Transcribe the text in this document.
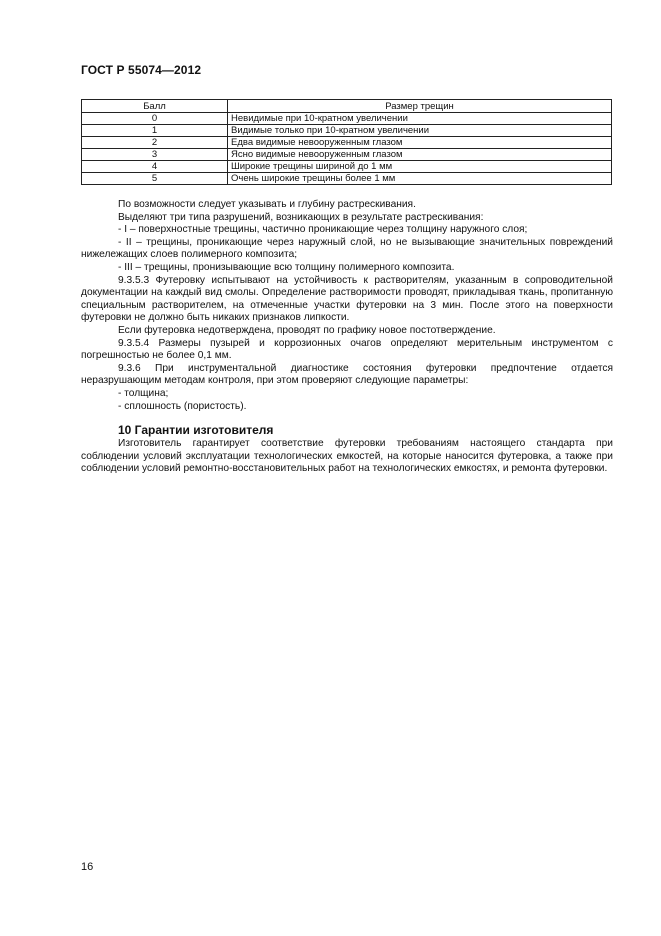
ГОСТ Р 55074—2012
Балл	Размер трещин
0	Невидимые при 10-кратном увеличении
1	Видимые только при 10-кратном увеличении
2	Едва видимые невооруженным глазом
3	Ясно видимые невооруженным глазом
4	Широкие трещины шириной до 1 мм
5	Очень широкие трещины более 1 мм

По возможности следует указывать и глубину растрескивания.

Выделяют три типа разрушений, возникающих в результате растрескивания:

- I – поверхностные трещины, частично проникающие через толщину наружного слоя;

- II – трещины, проникающие через наружный слой, но не вызывающие значительных повреждений нижележащих слоев полимерного композита;

- III – трещины, пронизывающие всю толщину полимерного композита.

9.3.5.3 Футеровку испытывают на устойчивость к растворителям, указанным в сопроводительной документации на каждый вид смолы. Определение растворимости проводят, прикладывая ткань, пропитанную специальным растворителем, на отмеченные участки футеровки на 3 мин. После этого на поверхности футеровки не должно быть никаких признаков липкости.

Если футеровка недотверждена, проводят по графику новое постотверждение.

9.3.5.4 Размеры пузырей и коррозионных очагов определяют мерительным инструментом с погрешностью не более 0,1 мм.

9.3.6 При инструментальной диагностике состояния футеровки предпочтение отдается неразрушающим методам контроля, при этом проверяют следующие параметры:

- толщина;

- сплошность (пористость).

10 Гарантии изготовителя

Изготовитель гарантирует соответствие футеровки требованиям настоящего стандарта при соблюдении условий эксплуатации технологических емкостей, на которые наносится футеровка, а также при соблюдении условий ремонтно-восстановительных работ на технологических емкостях, и ремонта футеровки.

16
